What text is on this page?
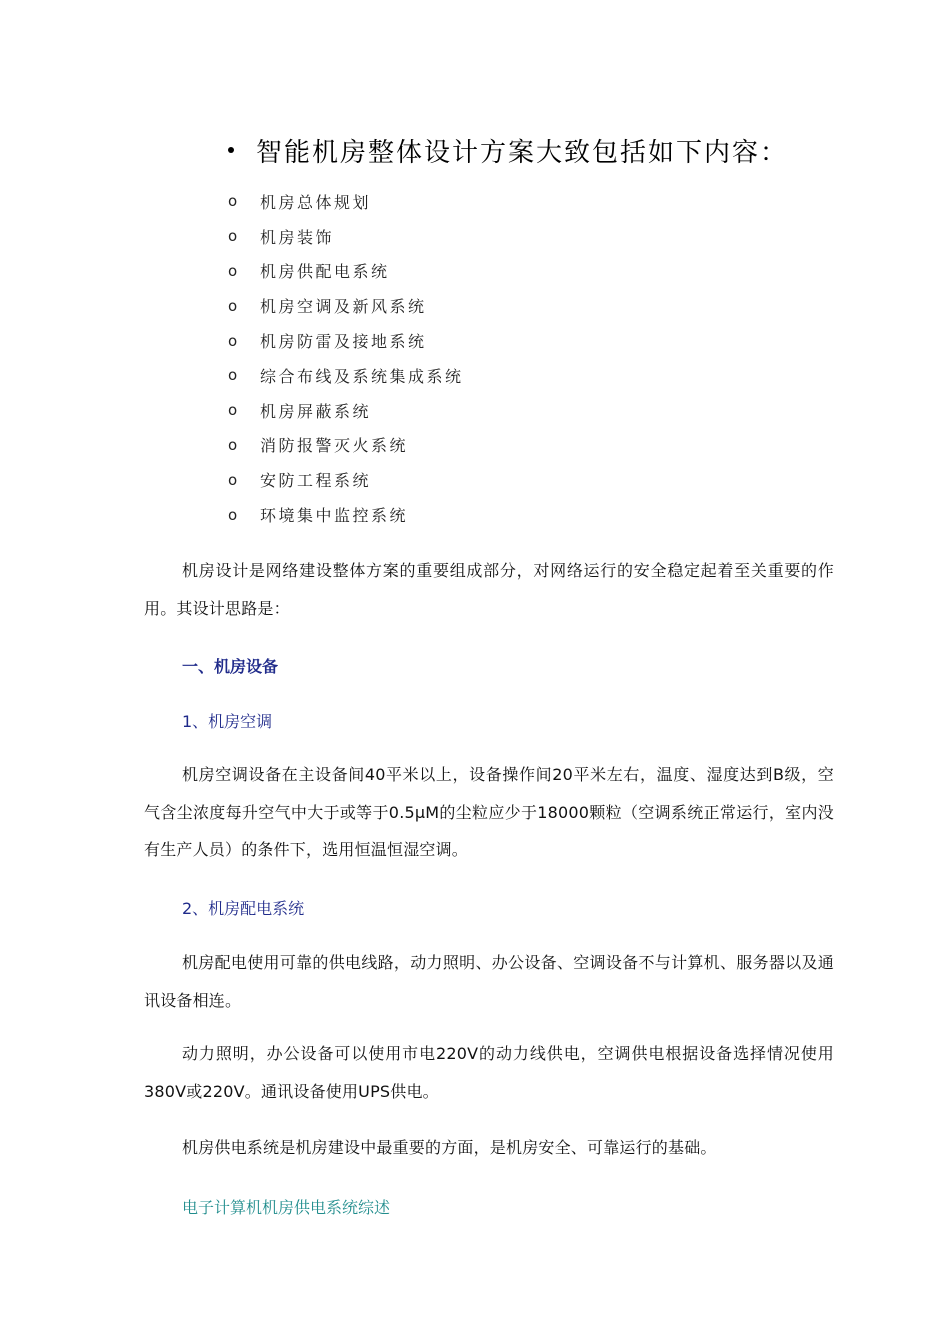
智能机房整体设计方案大致包括如下内容：
o	机房总体规划
o	机房装饰
o	机房供配电系统
o	机房空调及新风系统
o	机房防雷及接地系统
o	综合布线及系统集成系统
o	机房屏蔽系统
o	消防报警灭火系统
o	安防工程系统
o	环境集中监控系统

机房设计是网络建设整体方案的重要组成部分，对网络运行的安全稳定起着至关重要的作用。其设计思路是：

一、机房设备

1、机房空调

机房空调设备在主设备间40平米以上，设备操作间20平米左右，温度、湿度达到B级，空气含尘浓度每升空气中大于或等于0.5μM的尘粒应少于18000颗粒（空调系统正常运行，室内没有生产人员）的条件下，选用恒温恒湿空调。

2、机房配电系统

机房配电使用可靠的供电线路，动力照明、办公设备、空调设备不与计算机、服务器以及通讯设备相连。

动力照明，办公设备可以使用市电220V的动力线供电，空调供电根据设备选择情况使用380V或220V。通讯设备使用UPS供电。

机房供电系统是机房建设中最重要的方面，是机房安全、可靠运行的基础。

电子计算机机房供电系统综述
